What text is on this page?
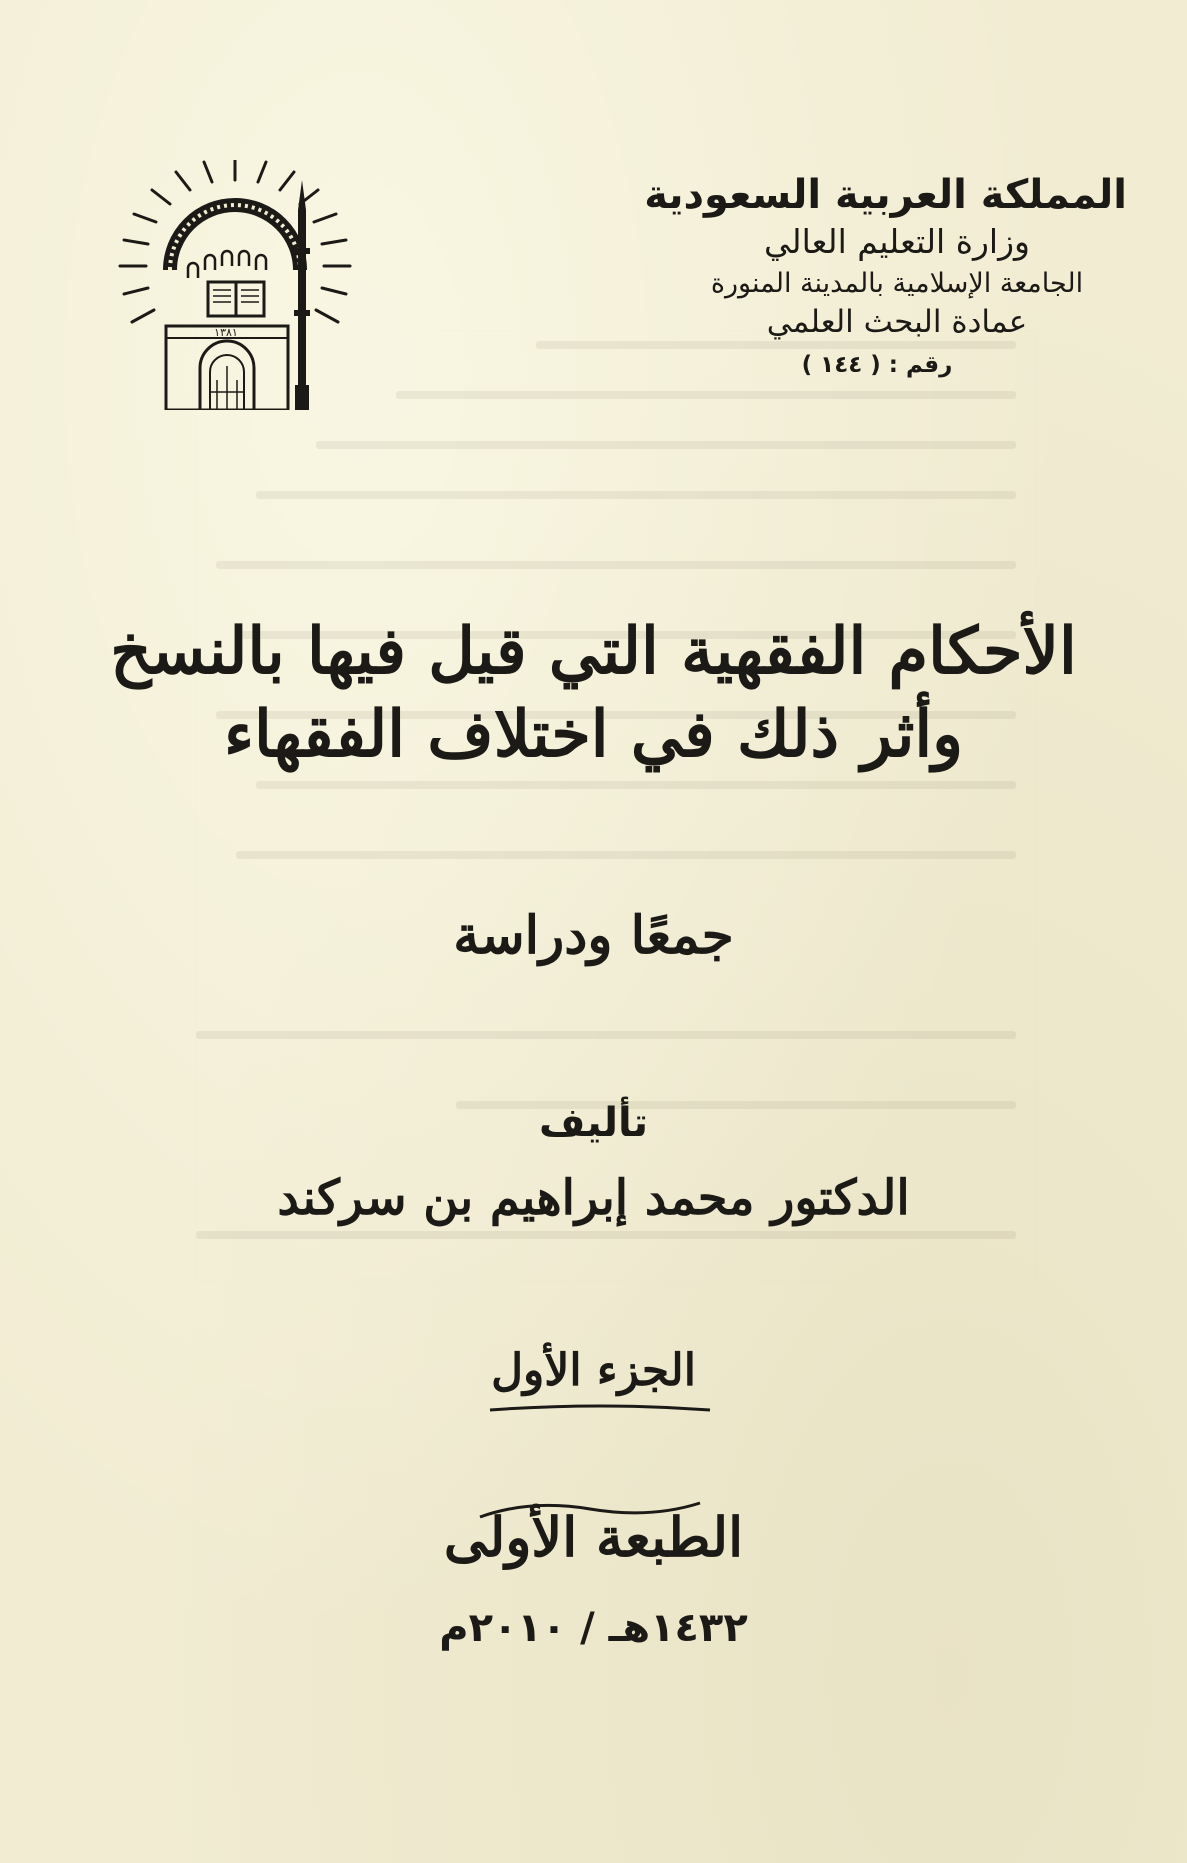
المملكة العربية السعودية
وزارة التعليم العالي
الجامعة الإسلامية بالمدينة المنورة
عمادة البحث العلمي
رقم : ( ١٤٤ )
١٣٨١
الأحكام الفقهية التي قيل فيها بالنسخ
وأثر ذلك في اختلاف الفقهاء
جمعًا ودراسة
تأليف
الدكتور محمد إبراهيم بن سركند
الجزء الأول
الطبعة الأولى
١٤٣٢هـ / ٢٠١٠م
